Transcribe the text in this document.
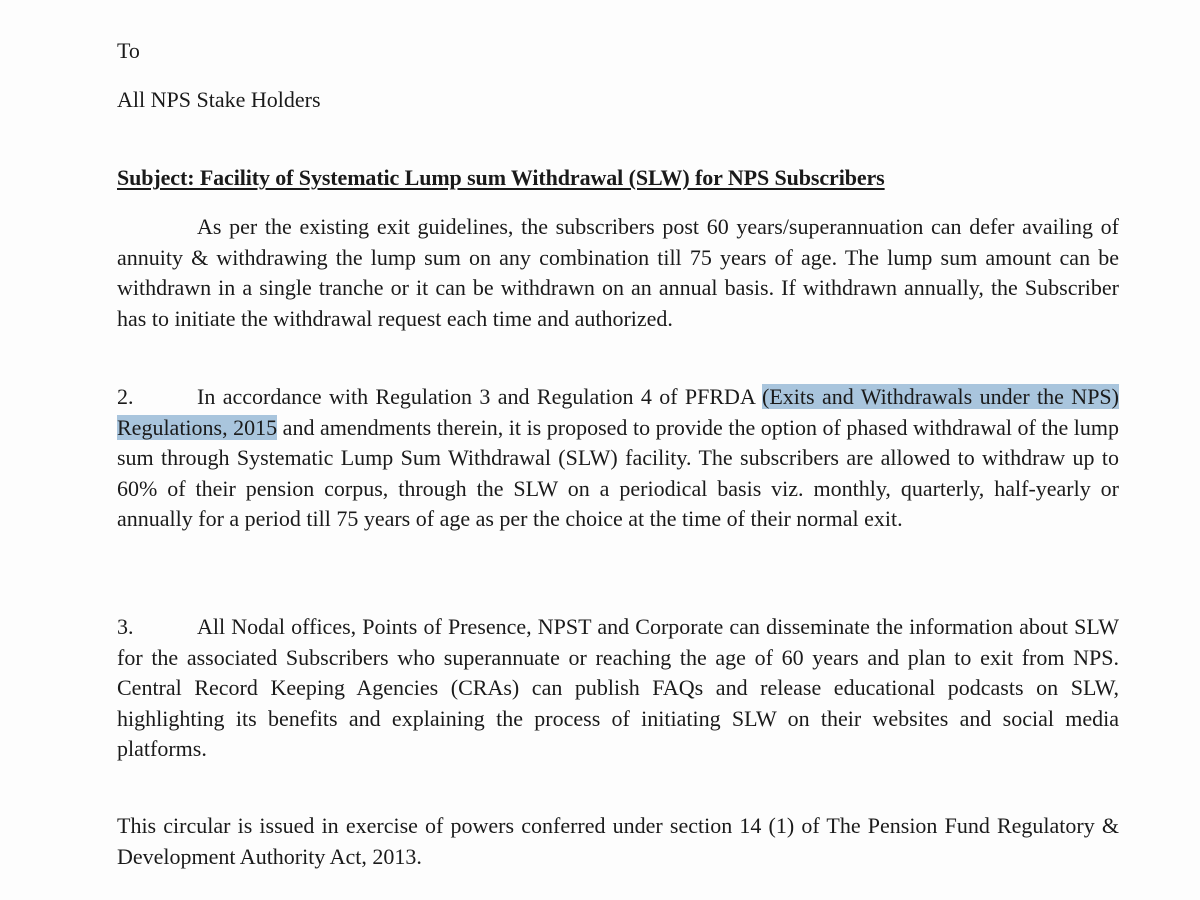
To
All NPS Stake Holders
Subject: Facility of Systematic Lump sum Withdrawal (SLW) for NPS Subscribers
As per the existing exit guidelines, the subscribers post 60 years/superannuation can defer availing of annuity & withdrawing the lump sum on any combination till 75 years of age. The lump sum amount can be withdrawn in a single tranche or it can be withdrawn on an annual basis. If withdrawn annually, the Subscriber has to initiate the withdrawal request each time and authorized.
2.	In accordance with Regulation 3 and Regulation 4 of PFRDA (Exits and Withdrawals under the NPS) Regulations, 2015 and amendments therein, it is proposed to provide the option of phased withdrawal of the lump sum through Systematic Lump Sum Withdrawal (SLW) facility. The subscribers are allowed to withdraw up to 60% of their pension corpus, through the SLW on a periodical basis viz. monthly, quarterly, half-yearly or annually for a period till 75 years of age as per the choice at the time of their normal exit.
3.	All Nodal offices, Points of Presence, NPST and Corporate can disseminate the information about SLW for the associated Subscribers who superannuate or reaching the age of 60 years and plan to exit from NPS. Central Record Keeping Agencies (CRAs) can publish FAQs and release educational podcasts on SLW, highlighting its benefits and explaining the process of initiating SLW on their websites and social media platforms.
This circular is issued in exercise of powers conferred under section 14 (1) of The Pension Fund Regulatory & Development Authority Act, 2013.
